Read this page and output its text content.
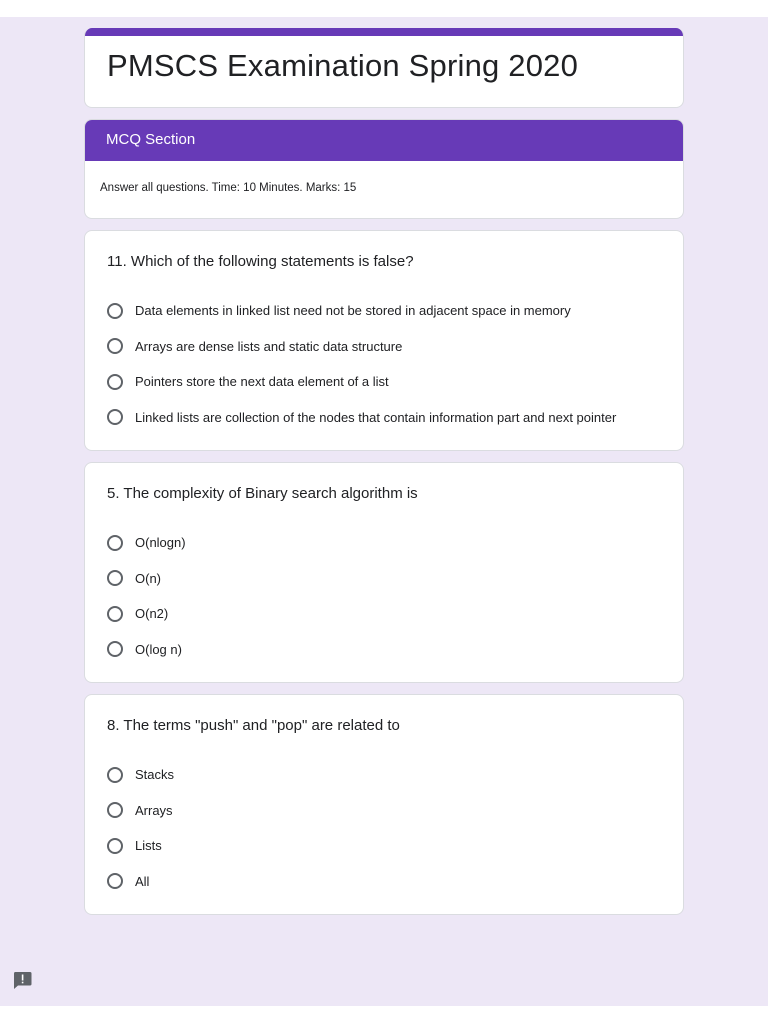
PMSCS Examination Spring 2020
MCQ Section
Answer all questions. Time: 10 Minutes. Marks: 15
11. Which of the following statements is false?
Data elements in linked list need not be stored in adjacent space in memory
Arrays are dense lists and static data structure
Pointers store the next data element of a list
Linked lists are collection of the nodes that contain information part and next pointer
5. The complexity of Binary search algorithm is
O(nlogn)
O(n)
O(n2)
O(log n)
8. The terms "push" and "pop" are related to
Stacks
Arrays
Lists
All
